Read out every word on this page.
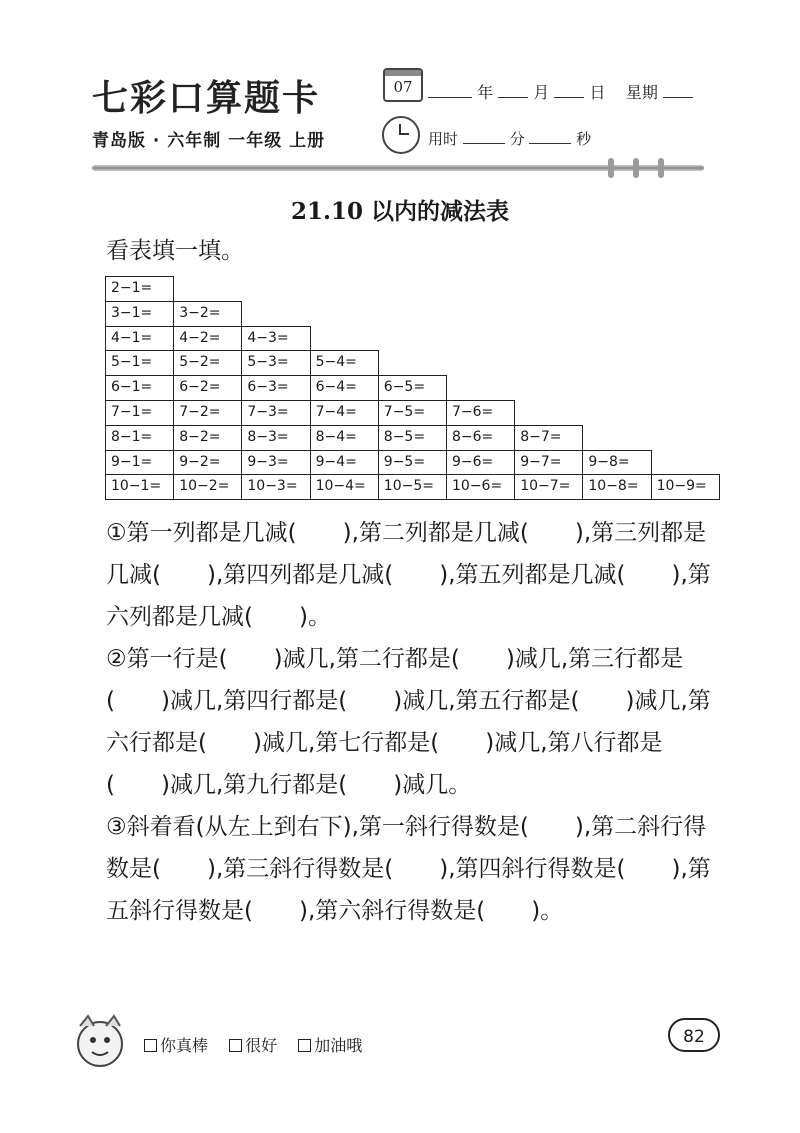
七彩口算题卡	07	年	月	日 星期
青岛版 · 六年制 一年级 上册	用时	分	秒
21.10 以内的减法表
看表填一填。
2−1=
3−1=	3−2=
4−1=	4−2=	4−3=
5−1=	5−2=	5−3=	5−4=
6−1=	6−2=	6−3=	6−4=	6−5=
7−1=	7−2=	7−3=	7−4=	7−5=	7−6=
8−1=	8−2=	8−3=	8−4=	8−5=	8−6=	8−7=
9−1=	9−2=	9−3=	9−4=	9−5=	9−6=	9−7=	9−8=
10−1=	10−2=	10−3=	10−4=	10−5=	10−6=	10−7=	10−8=	10−9=

①第一列都是几减(　　),第二列都是几减(　　),第三列都是几减(　　),第四列都是几减(　　),第五列都是几减(　　),第六列都是几减(　　)。

②第一行是(　　)减几,第二行都是(　　)减几,第三行都是(　　)减几,第四行都是(　　)减几,第五行都是(　　)减几,第六行都是(　　)减几,第七行都是(　　)减几,第八行都是(　　)减几,第九行都是(　　)减几。

③斜着看(从左上到右下),第一斜行得数是(　　),第二斜行得数是(　　),第三斜行得数是(　　),第四斜行得数是(　　),第五斜行得数是(　　),第六斜行得数是(　　)。

你真棒 很好 加油哦	82
